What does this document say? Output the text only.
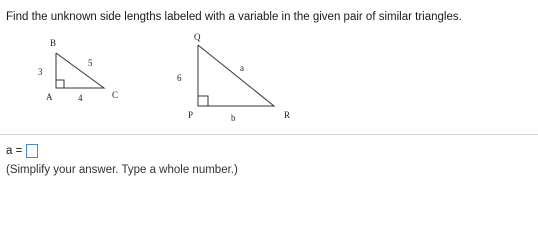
Find the unknown side lengths labeled with a variable in the given pair of similar triangles.
B
A	C
3
4
5
Q
P	R
6
b
a
a =
(Simplify your answer. Type a whole number.)
